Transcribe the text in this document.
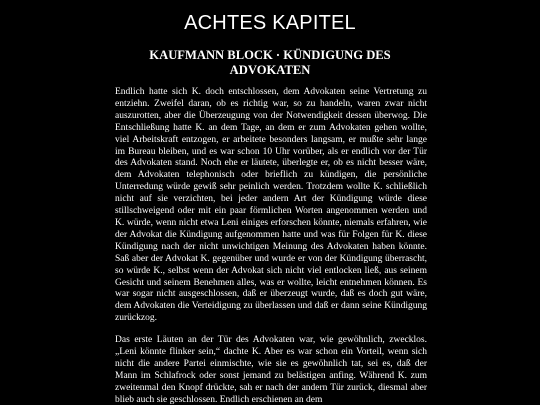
ACHTES KAPITEL
KAUFMANN BLOCK · KÜNDIGUNG DES ADVOKATEN

Endlich hatte sich K. doch entschlossen, dem Advokaten seine Vertretung zu entziehn. Zweifel daran, ob es richtig war, so zu handeln, waren zwar nicht auszurotten, aber die Überzeugung von der Notwendigkeit dessen überwog. Die Entschließung hatte K. an dem Tage, an dem er zum Advokaten gehen wollte, viel Arbeitskraft entzogen, er arbeitete besonders langsam, er mußte sehr lange im Bureau bleiben, und es war schon 10 Uhr vorüber, als er endlich vor der Tür des Advokaten stand. Noch ehe er läutete, überlegte er, ob es nicht besser wäre, dem Advokaten telephonisch oder brieflich zu kündigen, die persönliche Unterredung würde gewiß sehr peinlich werden. Trotzdem wollte K. schließlich nicht auf sie verzichten, bei jeder andern Art der Kündigung würde diese stillschweigend oder mit ein paar förmlichen Worten angenommen werden und K. würde, wenn nicht etwa Leni einiges erforschen könnte, niemals erfahren, wie der Advokat die Kündigung aufgenommen hatte und was für Folgen für K. diese Kündigung nach der nicht unwichtigen Meinung des Advokaten haben könnte. Saß aber der Advokat K. gegenüber und wurde er von der Kündigung überrascht, so würde K., selbst wenn der Advokat sich nicht viel entlocken ließ, aus seinem Gesicht und seinem Benehmen alles, was er wollte, leicht entnehmen können. Es war sogar nicht ausgeschlossen, daß er überzeugt wurde, daß es doch gut wäre, dem Advokaten die Verteidigung zu überlassen und daß er dann seine Kündigung zurückzog.

Das erste Läuten an der Tür des Advokaten war, wie gewöhnlich, zwecklos. „Leni könnte flinker sein,“ dachte K. Aber es war schon ein Vorteil, wenn sich nicht die andere Partei einmischte, wie sie es gewöhnlich tat, sei es, daß der Mann im Schlafrock oder sonst jemand zu belästigen anfing. Während K. zum zweitenmal den Knopf drückte, sah er nach der andern Tür zurück, diesmal aber blieb auch sie geschlossen. Endlich erschienen an dem
